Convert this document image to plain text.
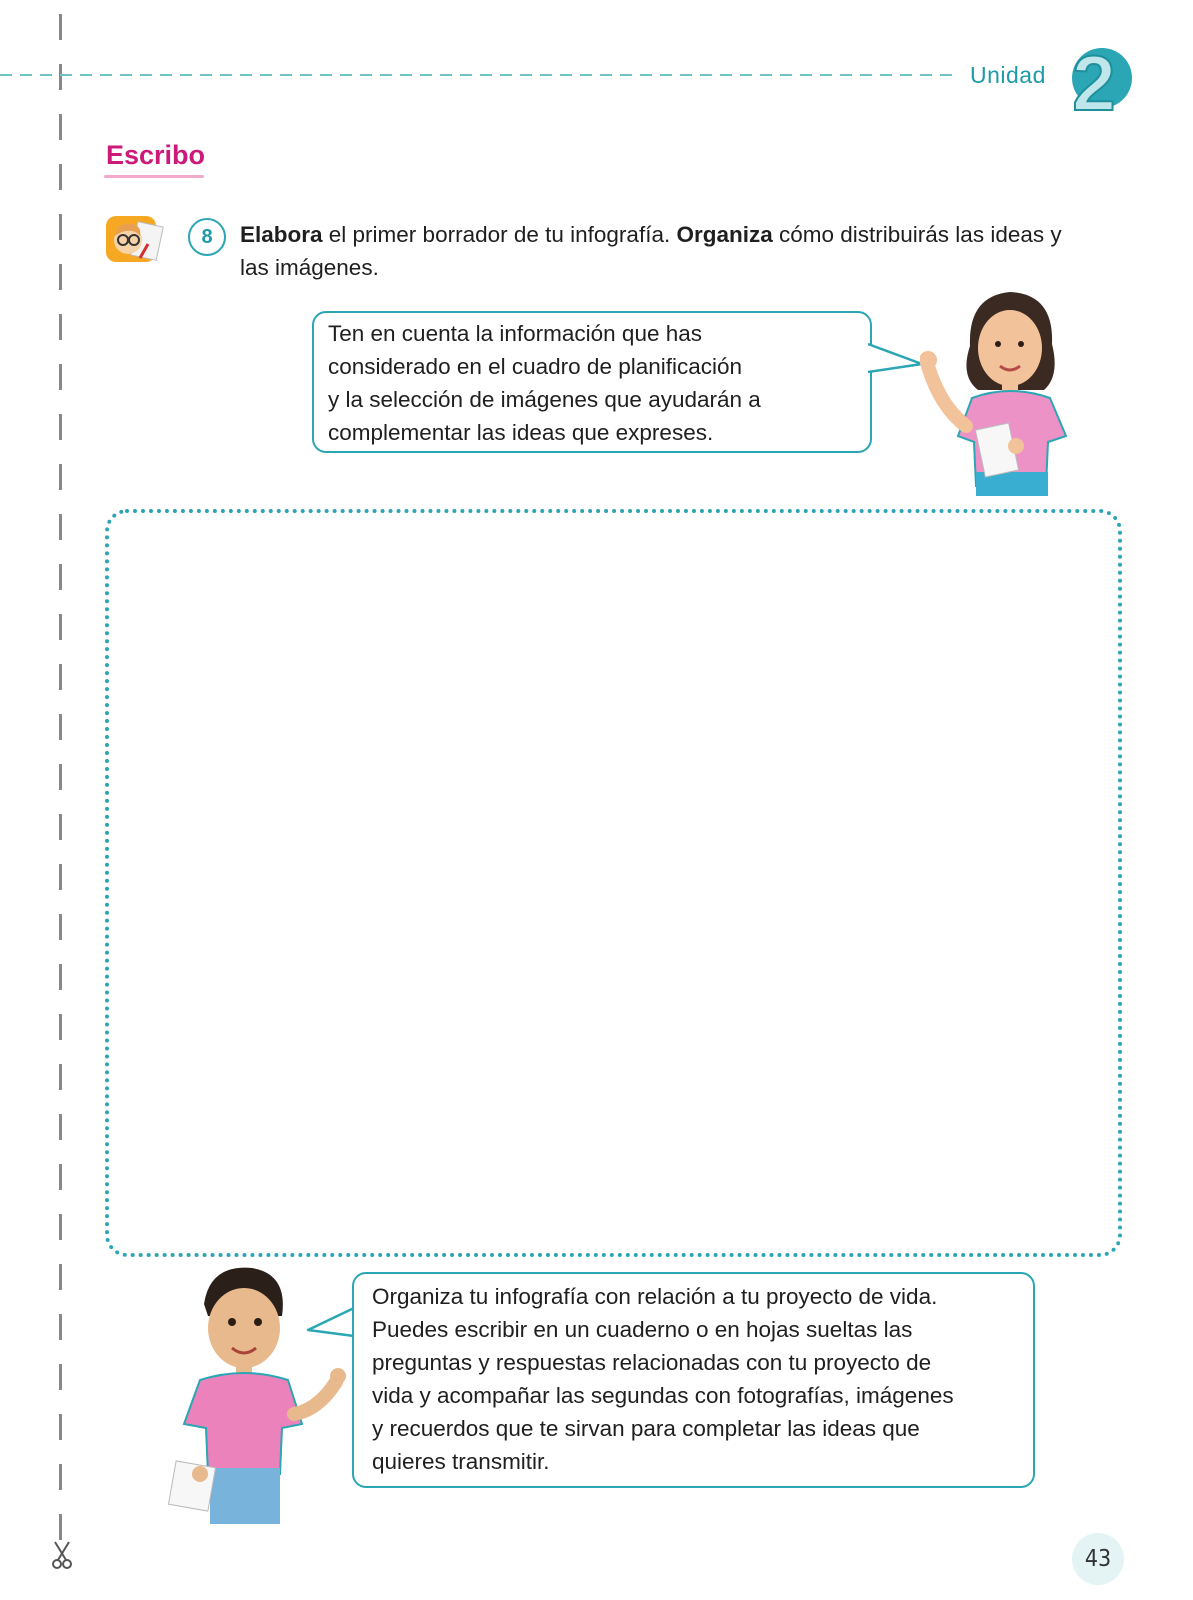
Unidad 2
Escribo
8	Elabora el primer borrador de tu infografía. Organiza cómo distribuirás las ideas y las imágenes.
Ten en cuenta la información que has
considerado en el cuadro de planificación
y la selección de imágenes que ayudarán a
complementar las ideas que expreses.
Organiza tu infografía con relación a tu proyecto de vida.
Puedes escribir en un cuaderno o en hojas sueltas las
preguntas y respuestas relacionadas con tu proyecto de
vida y acompañar las segundas con fotografías, imágenes
y recuerdos que te sirvan para completar las ideas que
quieres transmitir.
43
